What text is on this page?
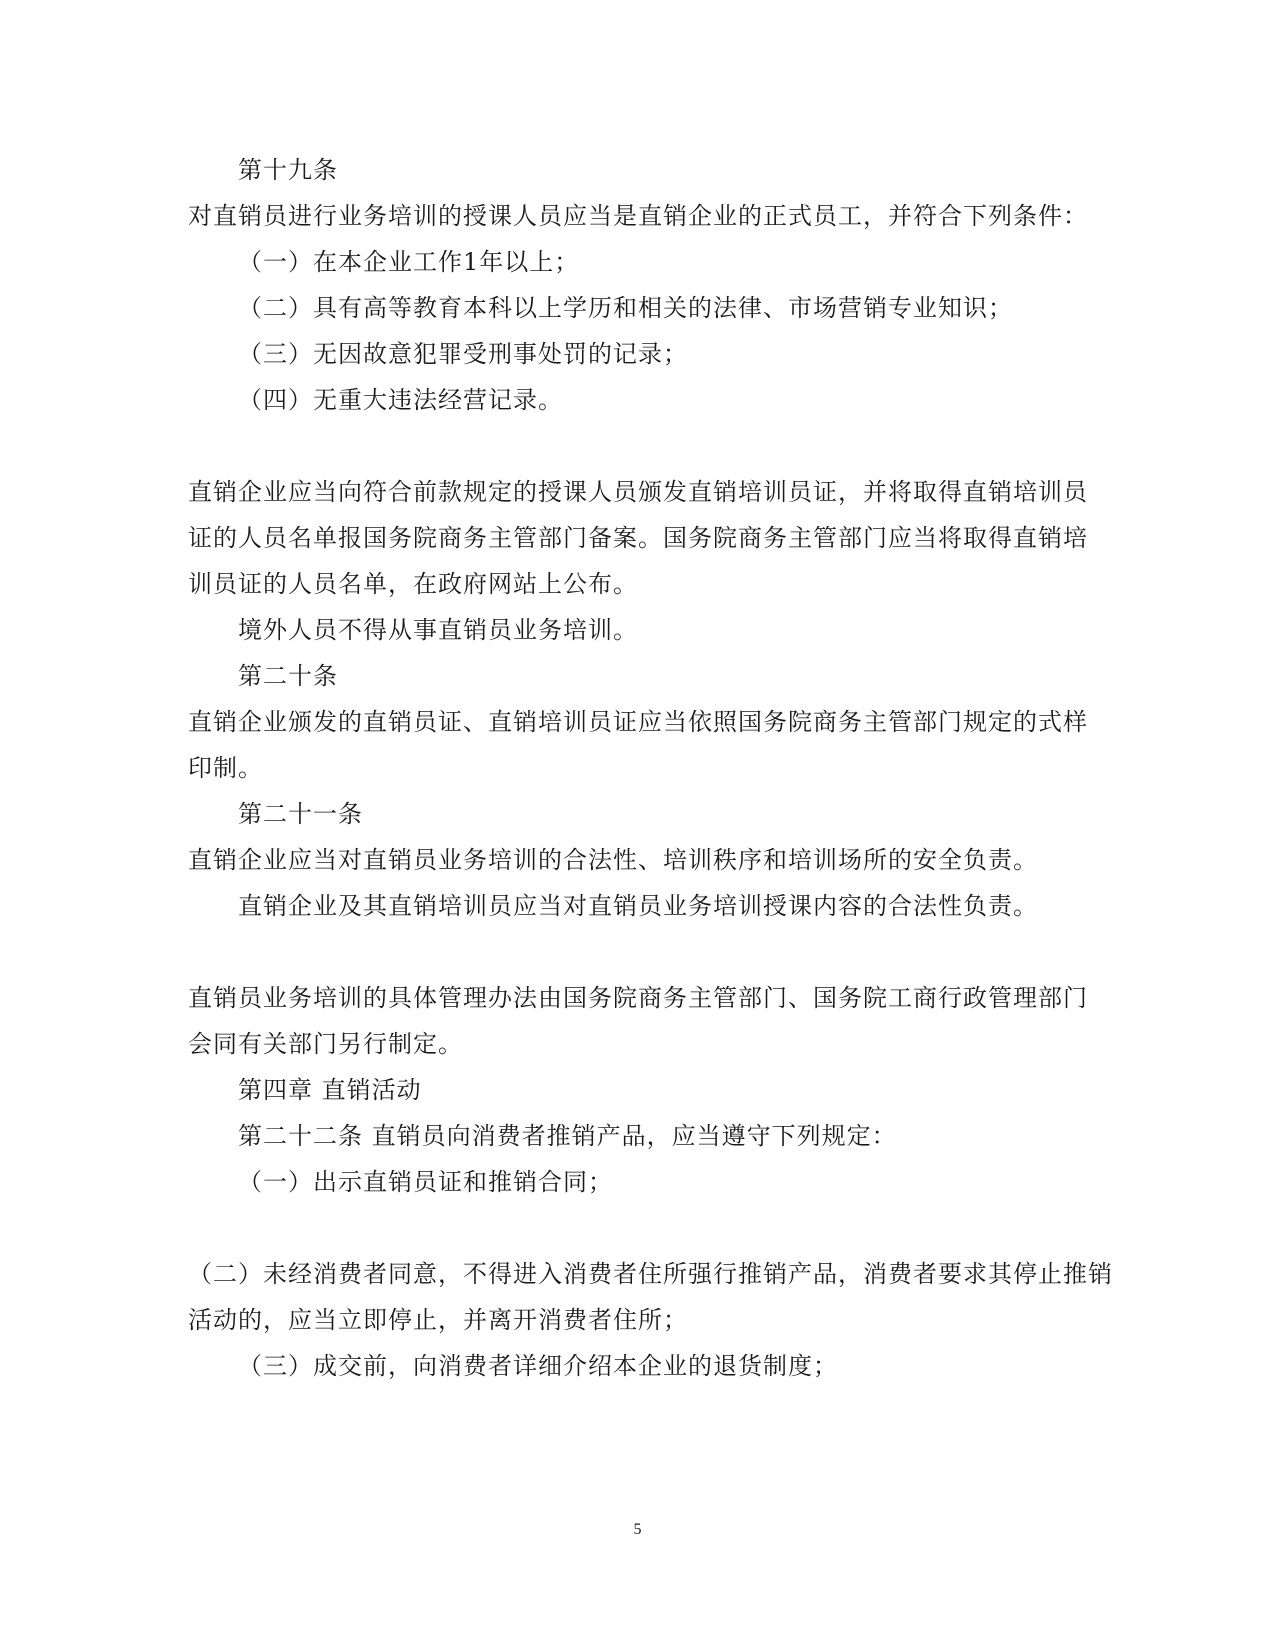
第十九条
对直销员进行业务培训的授课人员应当是直销企业的正式员工，并符合下列条件：
（一）在本企业工作1年以上；
（二）具有高等教育本科以上学历和相关的法律、市场营销专业知识；
（三）无因故意犯罪受刑事处罚的记录；
（四）无重大违法经营记录。
直销企业应当向符合前款规定的授课人员颁发直销培训员证，并将取得直销培训员
证的人员名单报国务院商务主管部门备案。国务院商务主管部门应当将取得直销培
训员证的人员名单，在政府网站上公布。
境外人员不得从事直销员业务培训。
第二十条
直销企业颁发的直销员证、直销培训员证应当依照国务院商务主管部门规定的式样
印制。
第二十一条
直销企业应当对直销员业务培训的合法性、培训秩序和培训场所的安全负责。
直销企业及其直销培训员应当对直销员业务培训授课内容的合法性负责。
直销员业务培训的具体管理办法由国务院商务主管部门、国务院工商行政管理部门
会同有关部门另行制定。
第四章 直销活动
第二十二条 直销员向消费者推销产品，应当遵守下列规定：
（一）出示直销员证和推销合同；
（二）未经消费者同意，不得进入消费者住所强行推销产品，消费者要求其停止推销
活动的，应当立即停止，并离开消费者住所；
（三）成交前，向消费者详细介绍本企业的退货制度；
5
